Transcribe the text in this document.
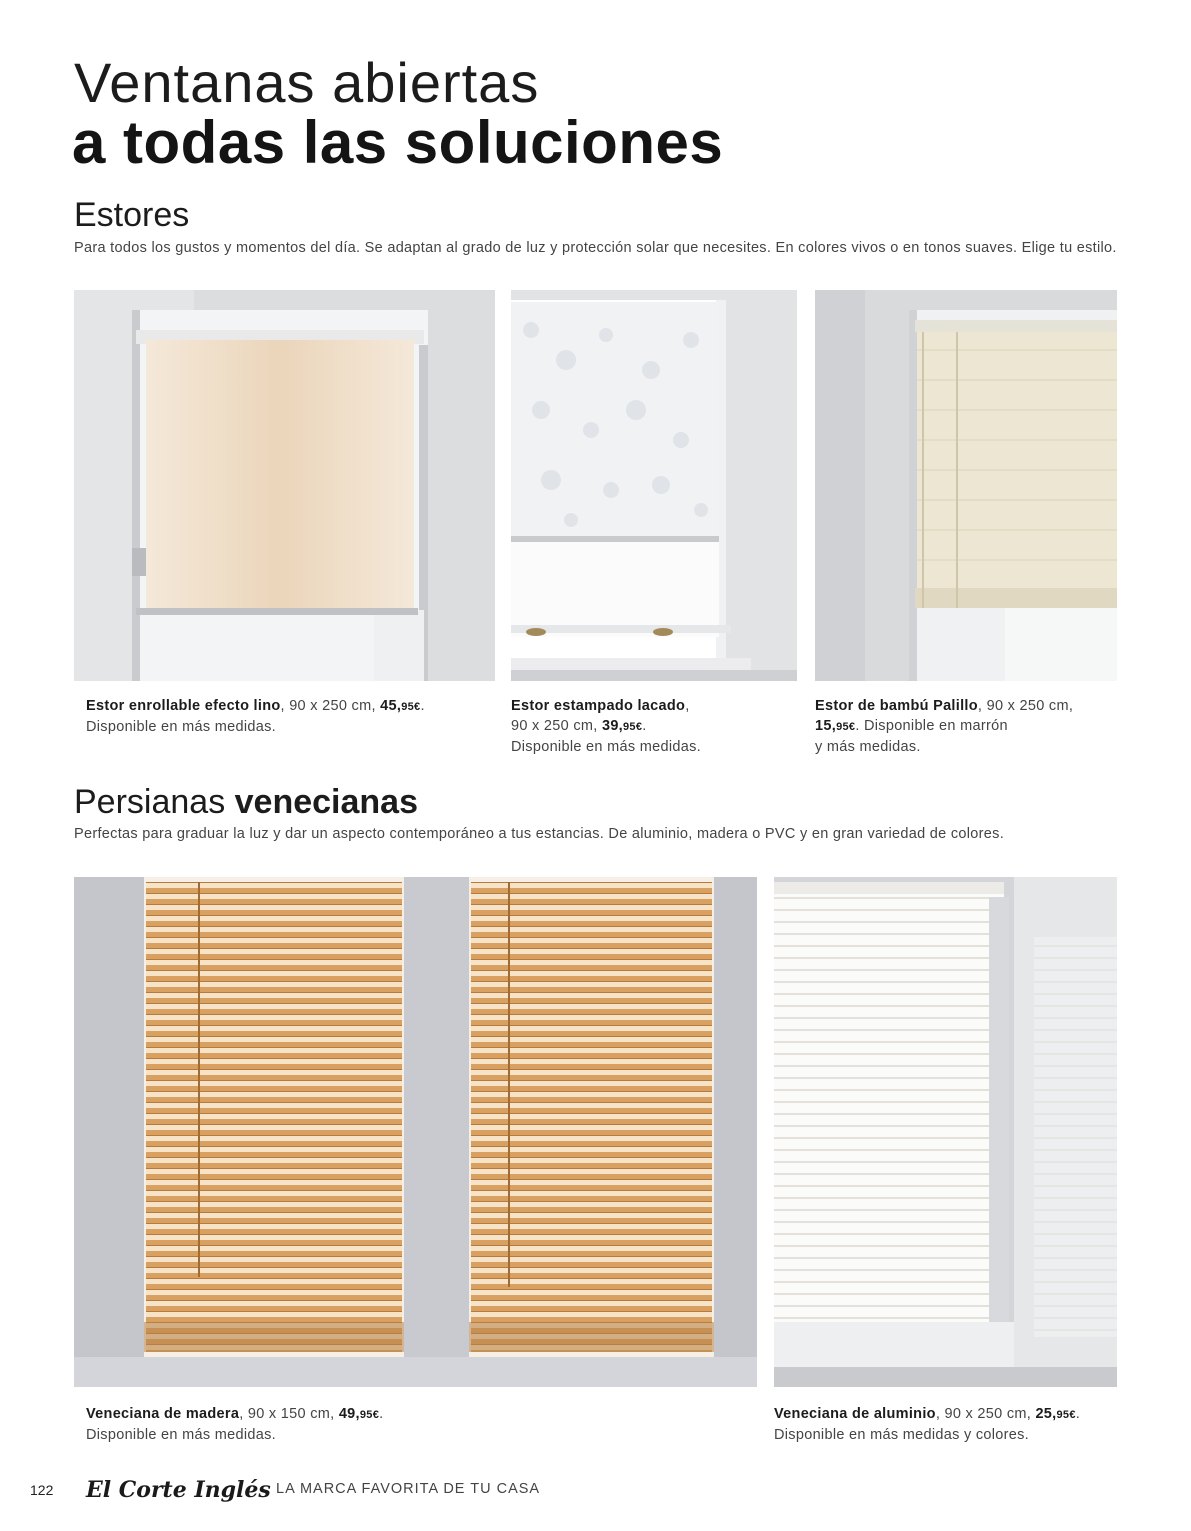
Ventanas abiertas
a todas las soluciones
Estores
Para todos los gustos y momentos del día. Se adaptan al grado de luz y protección solar que necesites. En colores vivos o en tonos suaves. Elige tu estilo.
Estor enrollable efecto lino, 90 x 250 cm, 45,95€.
Disponible en más medidas.
Estor estampado lacado,
90 x 250 cm, 39,95€.
Disponible en más medidas.
Estor de bambú Palillo, 90 x 250 cm,
15,95€. Disponible en marrón
y más medidas.
Persianas venecianas
Perfectas para graduar la luz y dar un aspecto contemporáneo a tus estancias. De aluminio, madera o PVC y en gran variedad de colores.
Veneciana de madera, 90 x 150 cm, 49,95€.
Disponible en más medidas.
Veneciana de aluminio, 90 x 250 cm, 25,95€.
Disponible en más medidas y colores.
122 El Corte Inglés LA MARCA FAVORITA DE TU CASA
